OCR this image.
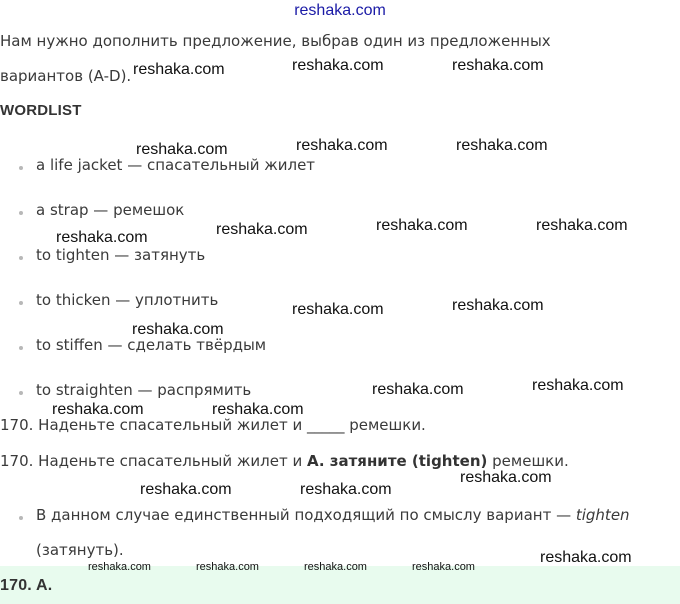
reshaka.com
Нам нужно дополнить предложение, выбрав один из предложенных
вариантов (A-D).
WORDLIST
a life jacket — спасательный жилет
a strap — ремешок
to tighten — затянуть
to thicken — уплотнить
to stiffen — сделать твёрдым
to straighten — распрямить
170. Наденьте спасательный жилет и _____ ремешки.
170. Наденьте спасательный жилет и A. затяните (tighten) ремешки.
В данном случае единственный подходящий по смыслу вариант — tighten
(затянуть).
170. A.
reshaka.com	reshaka.com	reshaka.com
reshaka.com	reshaka.com	reshaka.com
reshaka.com	reshaka.com	reshaka.com	reshaka.com
reshaka.com	reshaka.com
reshaka.com
reshaka.com	reshaka.com
reshaka.com	reshaka.com
reshaka.com
reshaka.com	reshaka.com
reshaka.com
reshaka.com	reshaka.com	reshaka.com	reshaka.com
